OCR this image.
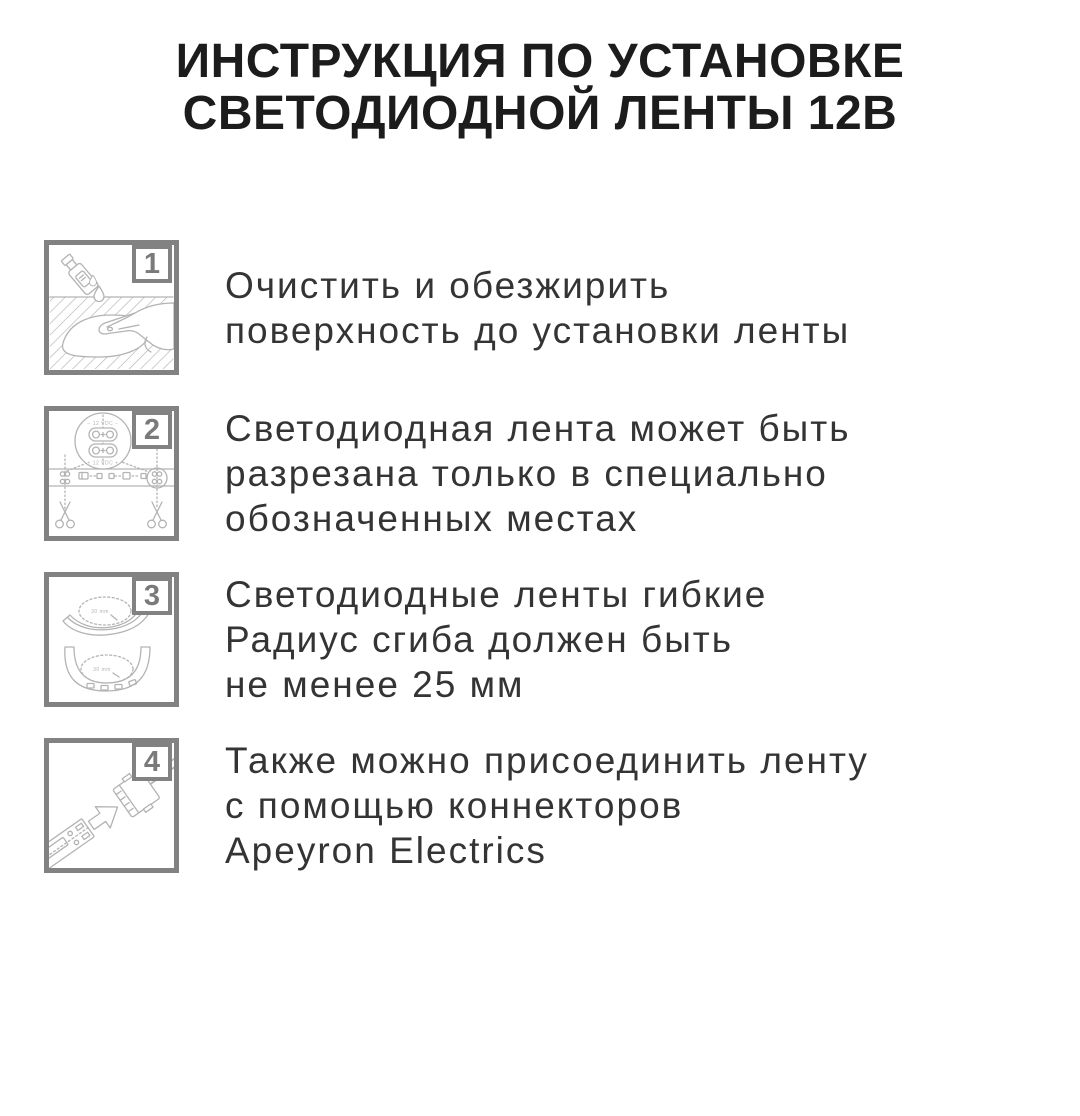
ИНСТРУКЦИЯ ПО УСТАНОВКЕ
СВЕТОДИОДНОЙ ЛЕНТЫ 12В
1
Очистить и обезжирить
поверхность до установки ленты
− 12 VDC −
+ 12 VDC +
2 Светодиодная лента может быть
разрезана только в специально
обозначенных местах
30 mm
30 mm
3 Светодиодные ленты гибкие
Радиус сгиба должен быть
не менее 25 мм
4 Также можно присоединить ленту
с помощью коннекторов
Apeyron Electrics
